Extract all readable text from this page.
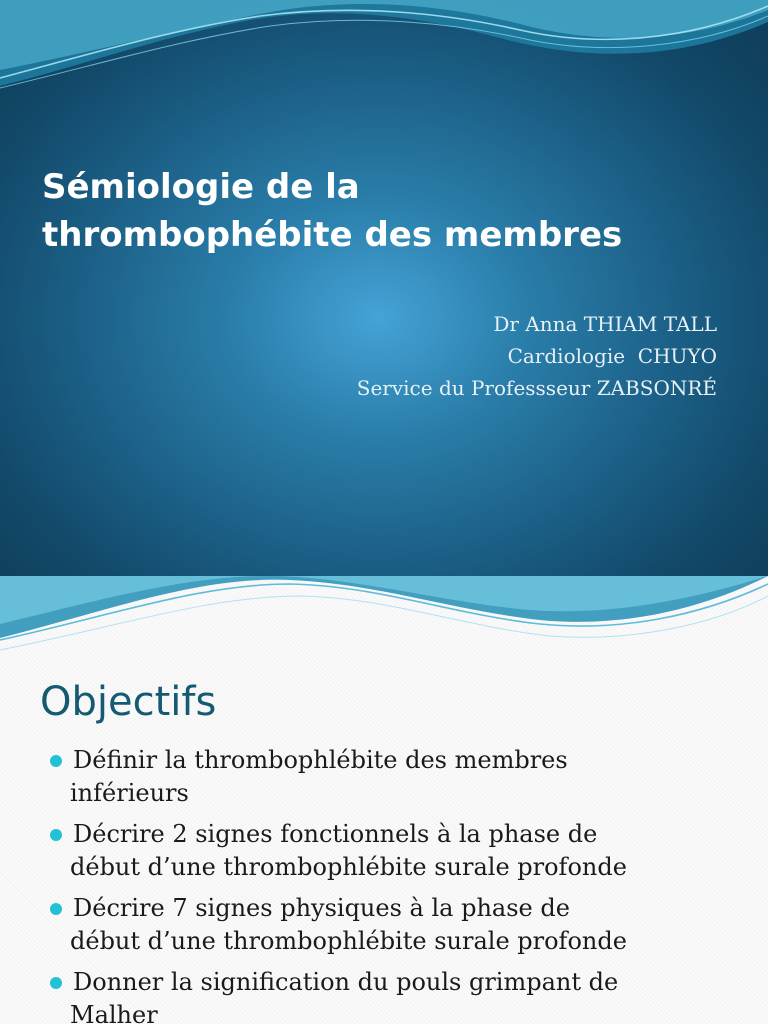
Sémiologie de la
thrombophébite des membres
Dr Anna THIAM TALL
Cardiologie  CHUYO
Service du Professseur ZABSONRÉ
Objectifs
Définir la thrombophlébite des membres
inférieurs
Décrire 2 signes fonctionnels à la phase de
début d’une thrombophlébite surale profonde
Décrire 7 signes physiques à la phase de
début d’une thrombophlébite surale profonde
Donner la signification du pouls grimpant de
Malher
